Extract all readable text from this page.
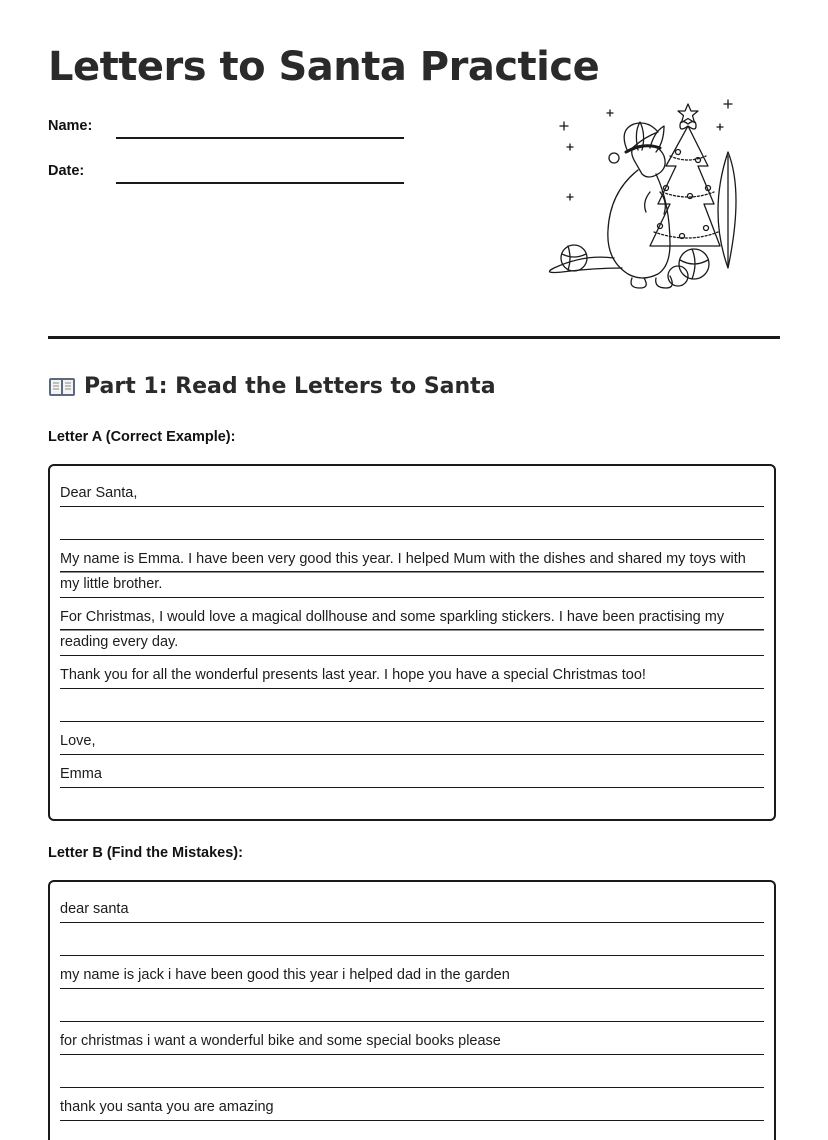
Letters to Santa Practice
Name:
Date:
Part 1: Read the Letters to Santa
Letter A (Correct Example):
Dear Santa,
My name is Emma. I have been very good this year. I helped Mum with the dishes and shared my toys with my little brother.
For Christmas, I would love a magical dollhouse and some sparkling stickers. I have been practising my reading every day.
Thank you for all the wonderful presents last year. I hope you have a special Christmas too!
Love,
Emma
Letter B (Find the Mistakes):
dear santa
my name is jack i have been good this year i helped dad in the garden
for christmas i want a wonderful bike and some special books please
thank you santa you are amazing
